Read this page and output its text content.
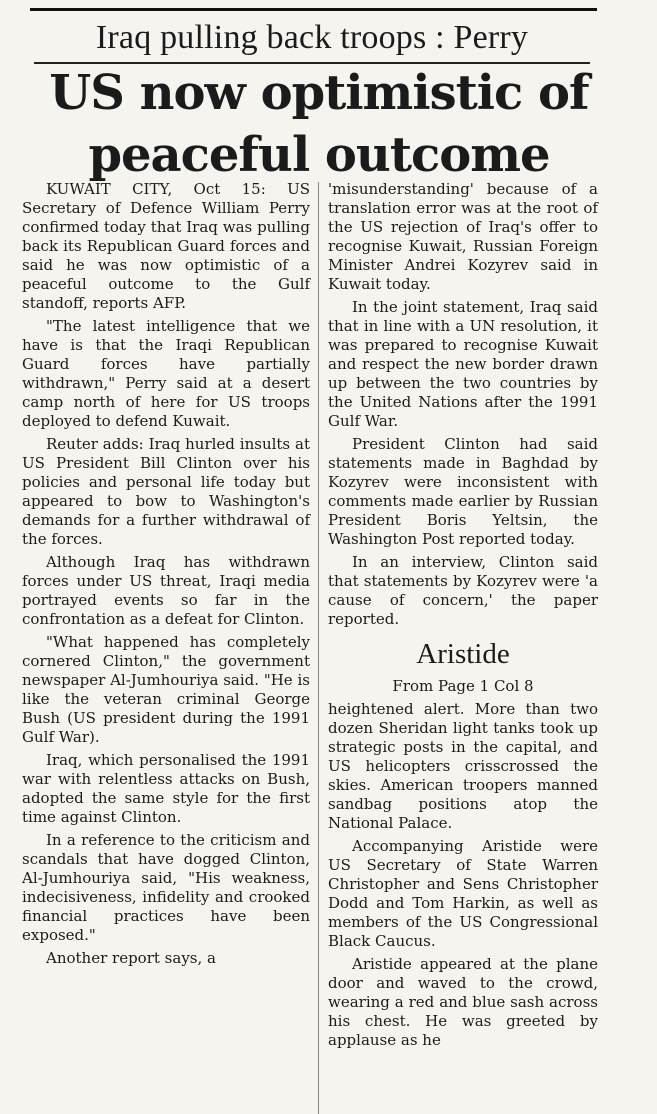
Iraq pulling back troops : Perry
US now optimistic of peaceful outcome

KUWAIT CITY, Oct 15: US Secretary of Defence William Perry confirmed today that Iraq was pulling back its Republican Guard forces and said he was now optimistic of a peaceful outcome to the Gulf standoff, reports AFP.

"The latest intelligence that we have is that the Iraqi Republican Guard forces have partially withdrawn," Perry said at a desert camp north of here for US troops deployed to defend Kuwait.

Reuter adds: Iraq hurled insults at US President Bill Clinton over his policies and personal life today but appeared to bow to Washington's demands for a further withdrawal of the forces.

Although Iraq has withdrawn forces under US threat, Iraqi media portrayed events so far in the confrontation as a defeat for Clinton.

"What happened has completely cornered Clinton," the government newspaper Al-Jumhouriya said. "He is like the veteran criminal George Bush (US president during the 1991 Gulf War).

Iraq, which personalised the 1991 war with relentless attacks on Bush, adopted the same style for the first time against Clinton.

In a reference to the criticism and scandals that have dogged Clinton, Al-Jumhouriya said, "His weakness, indecisiveness, infidelity and crooked financial practices have been exposed."

Another report says, a

'misunderstanding' because of a translation error was at the root of the US rejection of Iraq's offer to recognise Kuwait, Russian Foreign Minister Andrei Kozyrev said in Kuwait today.

In the joint statement, Iraq said that in line with a UN resolution, it was prepared to recognise Kuwait and respect the new border drawn up between the two countries by the United Nations after the 1991 Gulf War.

President Clinton had said statements made in Baghdad by Kozyrev were inconsistent with comments made earlier by Russian President Boris Yeltsin, the Washington Post reported today.

In an interview, Clinton said that statements by Kozyrev were 'a cause of concern,' the paper reported.

Aristide

From Page 1 Col 8

heightened alert. More than two dozen Sheridan light tanks took up strategic posts in the capital, and US helicopters crisscrossed the skies. American troopers manned sandbag positions atop the National Palace.

Accompanying Aristide were US Secretary of State Warren Christopher and Sens Christopher Dodd and Tom Harkin, as well as members of the US Congressional Black Caucus.

Aristide appeared at the plane door and waved to the crowd, wearing a red and blue sash across his chest. He was greeted by applause as he
